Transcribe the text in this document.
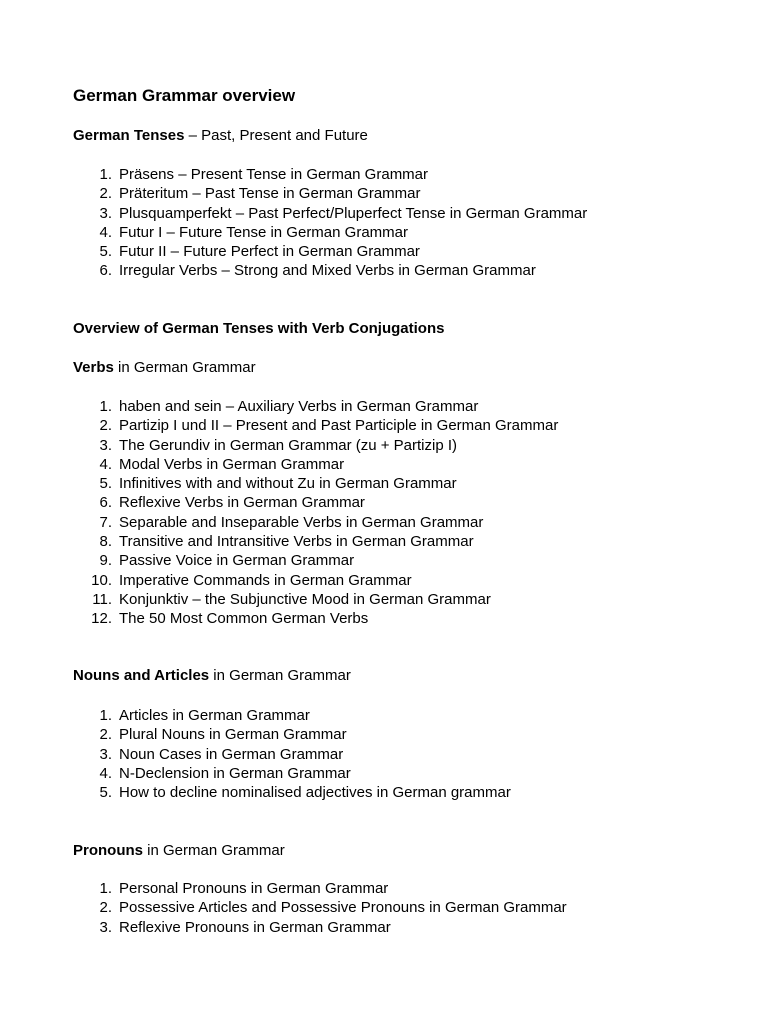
German Grammar overview

German Tenses – Past, Present and Future

1. Präsens – Present Tense in German Grammar
2. Präteritum – Past Tense in German Grammar
3. Plusquamperfekt – Past Perfect/Pluperfect Tense in German Grammar
4. Futur I – Future Tense in German Grammar
5. Futur II – Future Perfect in German Grammar
6. Irregular Verbs – Strong and Mixed Verbs in German Grammar

Overview of German Tenses with Verb Conjugations

Verbs in German Grammar

1. haben and sein – Auxiliary Verbs in German Grammar
2. Partizip I und II – Present and Past Participle in German Grammar
3. The Gerundiv in German Grammar (zu + Partizip I)
4. Modal Verbs in German Grammar
5. Infinitives with and without Zu in German Grammar
6. Reflexive Verbs in German Grammar
7. Separable and Inseparable Verbs in German Grammar
8. Transitive and Intransitive Verbs in German Grammar
9. Passive Voice in German Grammar
10. Imperative Commands in German Grammar
11. Konjunktiv – the Subjunctive Mood in German Grammar
12. The 50 Most Common German Verbs

Nouns and Articles in German Grammar

1. Articles in German Grammar
2. Plural Nouns in German Grammar
3. Noun Cases in German Grammar
4. N-Declension in German Grammar
5. How to decline nominalised adjectives in German grammar

Pronouns in German Grammar

1. Personal Pronouns in German Grammar
2. Possessive Articles and Possessive Pronouns in German Grammar
3. Reflexive Pronouns in German Grammar
